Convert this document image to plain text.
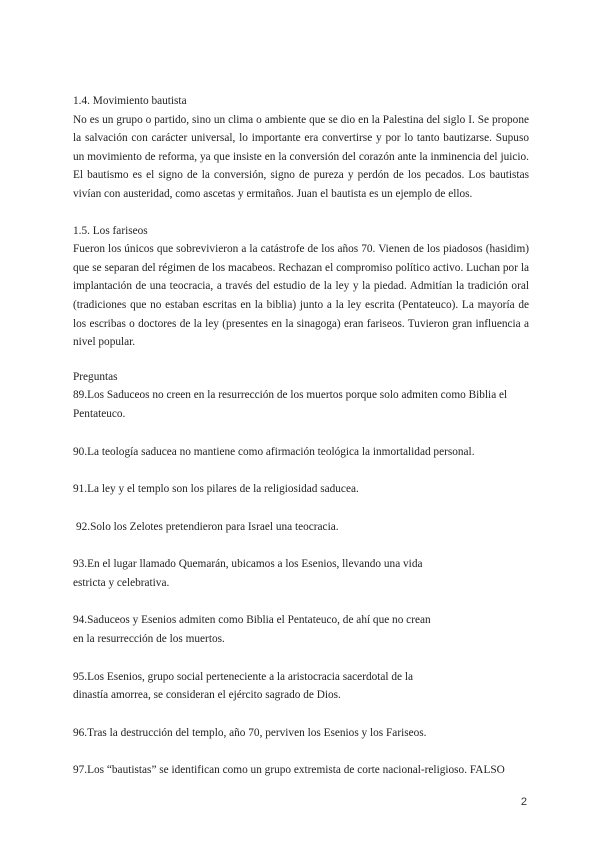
1.4. Movimiento bautista

No es un grupo o partido, sino un clima o ambiente que se dio en la Palestina del siglo I. Se propone la salvación con carácter universal, lo importante era convertirse y por lo tanto bautizarse. Supuso un movimiento de reforma, ya que insiste en la conversión del corazón ante la inminencia del juicio. El bautismo es el signo de la conversión, signo de pureza y perdón de los pecados. Los bautistas vivían con austeridad, como ascetas y ermitaños. Juan el bautista es un ejemplo de ellos.

1.5. Los fariseos

Fueron los únicos que sobrevivieron a la catástrofe de los años 70. Vienen de los piadosos (hasidim) que se separan del régimen de los macabeos. Rechazan el compromiso político activo. Luchan por la implantación de una teocracia, a través del estudio de la ley y la piedad. Admitían la tradición oral (tradiciones que no estaban escritas en la biblia) junto a la ley escrita (Pentateuco). La mayoría de los escribas o doctores de la ley (presentes en la sinagoga) eran fariseos. Tuvieron gran influencia a nivel popular.

Preguntas

89.Los Saduceos no creen en la resurrección de los muertos porque solo admiten como Biblia el Pentateuco.

90.La teología saducea no mantiene como afirmación teológica la inmortalidad personal.

91.La ley y el templo son los pilares de la religiosidad saducea.

92.Solo los Zelotes pretendieron para Israel una teocracia.

93.En el lugar llamado Quemarán, ubicamos a los Esenios, llevando una vida
estricta y celebrativa.
94.Saduceos y Esenios admiten como Biblia el Pentateuco, de ahí que no crean
en la resurrección de los muertos.
95.Los Esenios, grupo social perteneciente a la aristocracia sacerdotal de la
dinastía amorrea, se consideran el ejército sagrado de Dios.

96.Tras la destrucción del templo, año 70, perviven los Esenios y los Fariseos.

97.Los “bautistas” se identifican como un grupo extremista de corte nacional-religioso. FALSO

2
